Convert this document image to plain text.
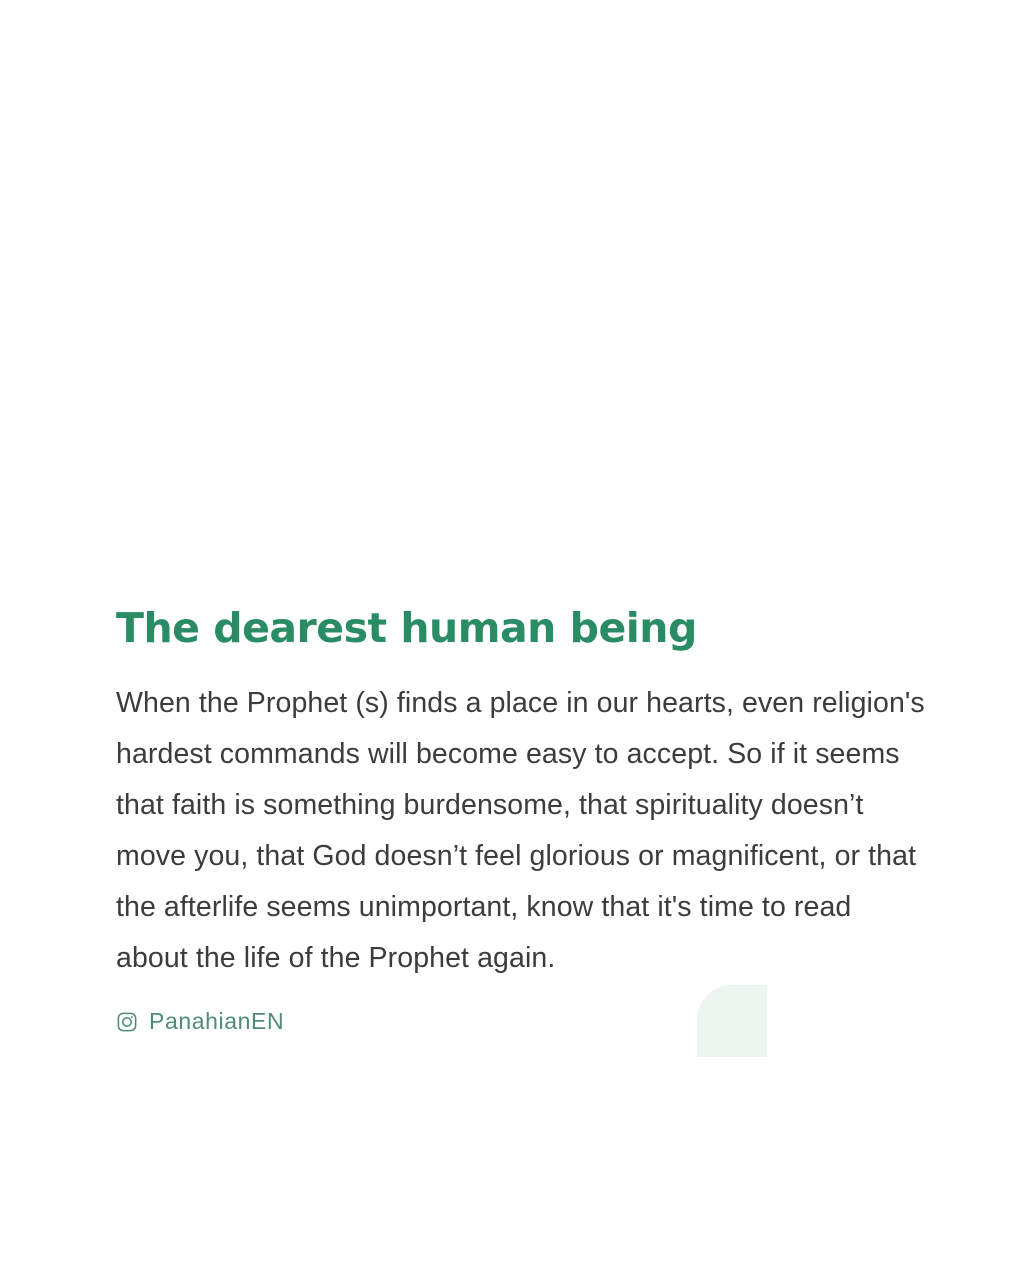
The dearest human being

When the Prophet (s) finds a place in our hearts, even religion's hardest commands will become easy to accept. So if it seems that faith is something burdensome, that spirituality doesn’t move you, that God doesn’t feel glorious or magnificent, or that the afterlife seems unimportant, know that it's time to read about the life of the Prophet again.

PanahianEN
